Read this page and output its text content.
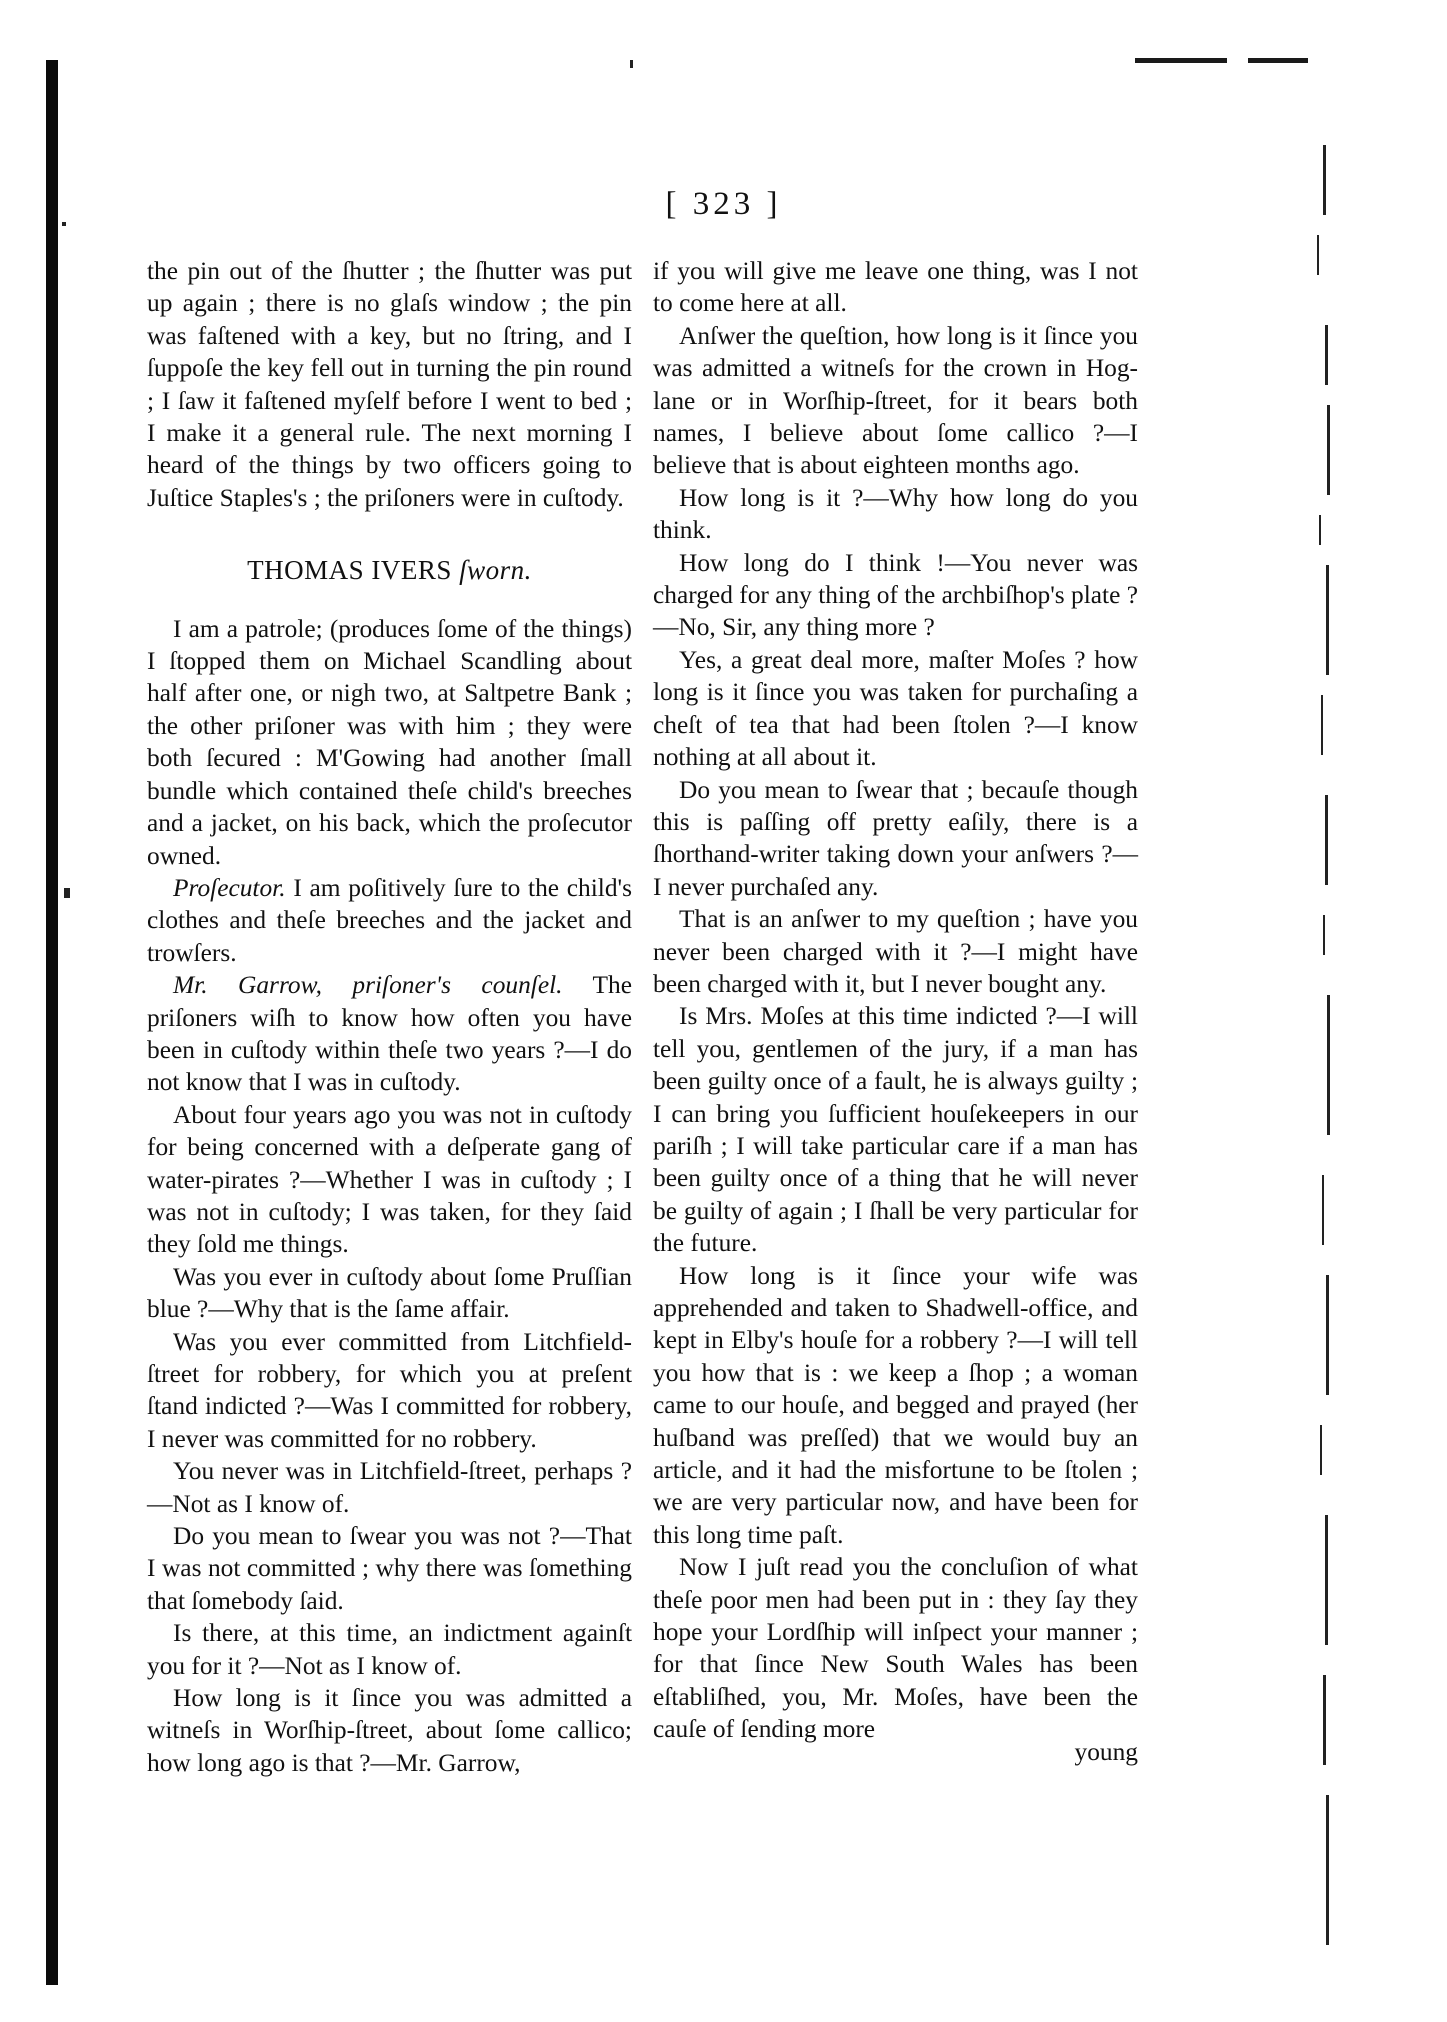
[ 323 ]

the pin out of the ſhutter ; the ſhutter was put up again ; there is no glaſs window ; the pin was faſtened with a key, but no ſtring, and I ſuppoſe the key fell out in turning the pin round ; I ſaw it faſtened myſelf before I went to bed ; I make it a general rule. The next morning I heard of the things by two officers going to Juſtice Staples's ; the priſoners were in cuſtody.

THOMAS IVERS ſworn.

I am a patrole; (produces ſome of the things) I ſtopped them on Michael Scandling about half after one, or nigh two, at Saltpetre Bank ; the other priſoner was with him ; they were both ſecured : M'Gowing had another ſmall bundle which contained theſe child's breeches and a jacket, on his back, which the proſecutor owned.

Proſecutor. I am poſitively ſure to the child's clothes and theſe breeches and the jacket and trowſers.

Mr. Garrow, priſoner's counſel. The priſoners wiſh to know how often you have been in cuſtody within theſe two years ?—I do not know that I was in cuſtody.

About four years ago you was not in cuſtody for being concerned with a deſperate gang of water-pirates ?—Whether I was in cuſtody ; I was not in cuſtody; I was taken, for they ſaid they ſold me things.

Was you ever in cuſtody about ſome Pruſſian blue ?—Why that is the ſame affair.

Was you ever committed from Litchfield-ſtreet for robbery, for which you at preſent ſtand indicted ?—Was I committed for robbery, I never was committed for no robbery.

You never was in Litchfield-ſtreet, perhaps ?—Not as I know of.

Do you mean to ſwear you was not ?—That I was not committed ; why there was ſomething that ſomebody ſaid.

Is there, at this time, an indictment againſt you for it ?—Not as I know of.

How long is it ſince you was admitted a witneſs in Worſhip-ſtreet, about ſome callico; how long ago is that ?—Mr. Garrow,

if you will give me leave one thing, was I not to come here at all.

Anſwer the queſtion, how long is it ſince you was admitted a witneſs for the crown in Hog-lane or in Worſhip-ſtreet, for it bears both names, I believe about ſome callico ?—I believe that is about eighteen months ago.

How long is it ?—Why how long do you think.

How long do I think !—You never was charged for any thing of the archbiſhop's plate ?—No, Sir, any thing more ?

Yes, a great deal more, maſter Moſes ? how long is it ſince you was taken for purchaſing a cheſt of tea that had been ſtolen ?—I know nothing at all about it.

Do you mean to ſwear that ; becauſe though this is paſſing off pretty eaſily, there is a ſhorthand-writer taking down your anſwers ?—I never purchaſed any.

That is an anſwer to my queſtion ; have you never been charged with it ?—I might have been charged with it, but I never bought any.

Is Mrs. Moſes at this time indicted ?—I will tell you, gentlemen of the jury, if a man has been guilty once of a fault, he is always guilty ; I can bring you ſufficient houſekeepers in our pariſh ; I will take particular care if a man has been guilty once of a thing that he will never be guilty of again ; I ſhall be very particular for the future.

How long is it ſince your wife was apprehended and taken to Shadwell-office, and kept in Elby's houſe for a robbery ?—I will tell you how that is : we keep a ſhop ; a woman came to our houſe, and begged and prayed (her huſband was preſſed) that we would buy an article, and it had the misfortune to be ſtolen ; we are very particular now, and have been for this long time paſt.

Now I juſt read you the concluſion of what theſe poor men had been put in : they ſay they hope your Lordſhip will inſpect your manner ; for that ſince New South Wales has been eſtabliſhed, you, Mr. Moſes, have been the cauſe of ſending more

young
